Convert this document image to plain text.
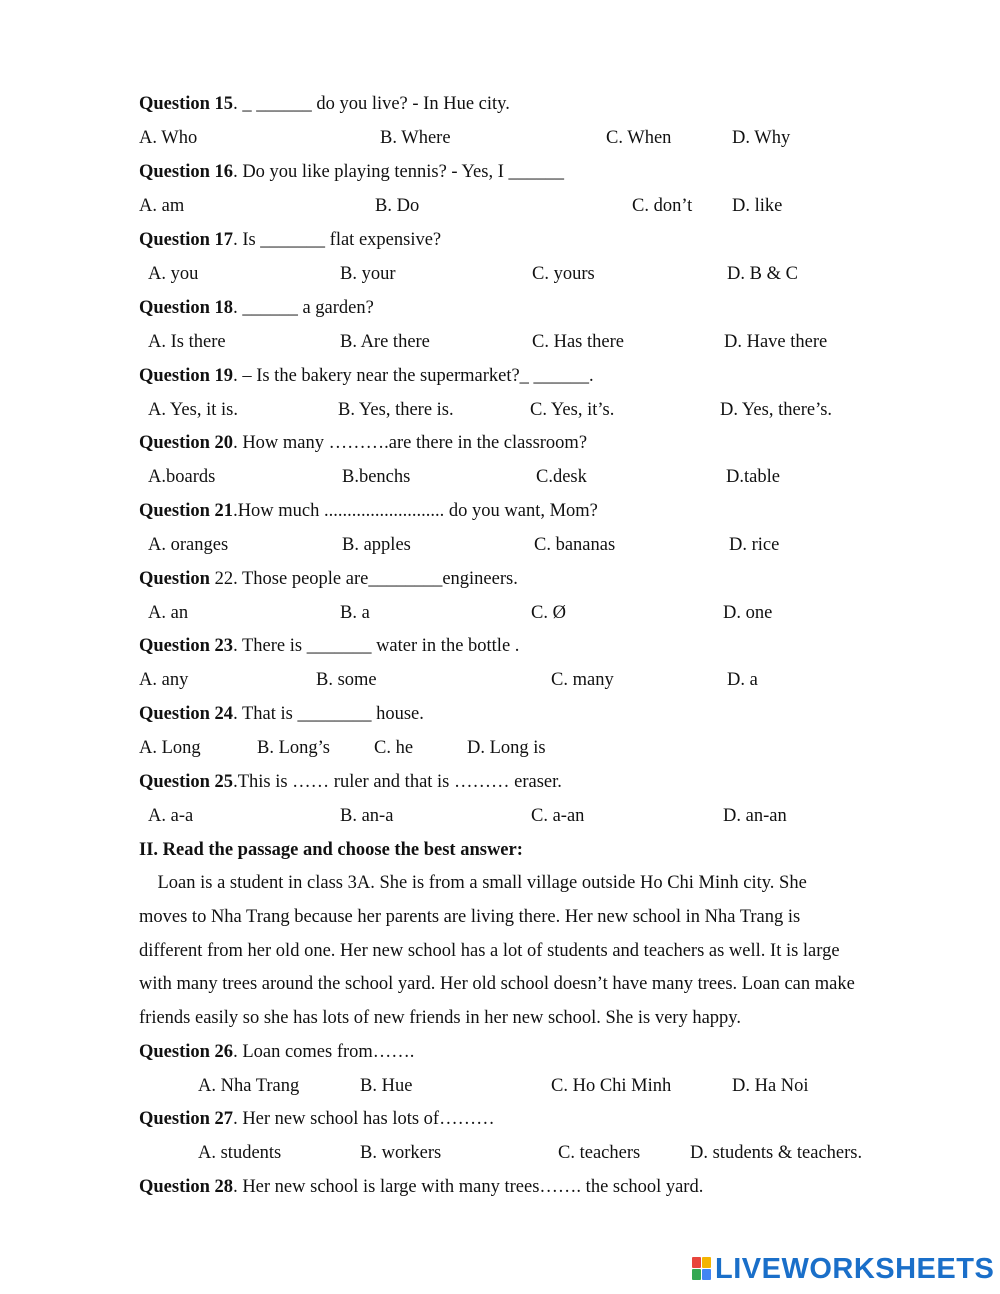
Question 15. _ ______ do you live? - In Hue city.
A. Who	B. Where	C. When	D. Why
Question 16. Do you like playing tennis? - Yes, I ______
A. am	B. Do	C. don’t D. like
Question 17. Is _______ flat expensive?
A. you	B. your	C. yours	D. B & C
Question 18. ______ a garden?
A. Is there	B. Are there	C. Has there	D. Have there
Question 19. – Is the bakery near the supermarket?_ ______.
A. Yes, it is.	B. Yes, there is.	C. Yes, it’s.	D. Yes, there’s.
Question 20. How many ……….are there in the classroom?
A.boards	B.benchs	C.desk	D.table
Question 21.How much .......................... do you want, Mom?
A. oranges	B. apples	C. bananas	D. rice
Question 22. Those people are________engineers.
A. an	B. a	C. Ø	D. one
Question 23. There is _______ water in the bottle .
A. any	B. some	C. many	D. a
Question 24. That is ________ house.
A. Long	B. Long’s C. he	D. Long is
Question 25.This is …… ruler and that is ……… eraser.
A. a-a	B. an-a	C. a-an	D. an-an
II. Read the passage and choose the best answer:
Loan is a student in class 3A. She is from a small village outside Ho Chi Minh city. She
moves to Nha Trang because her parents are living there. Her new school in Nha Trang is
different from her old one. Her new school has a lot of students and teachers as well. It is large
with many trees around the school yard. Her old school doesn’t have many trees. Loan can make
friends easily so she has lots of new friends in her new school. She is very happy.
Question 26. Loan comes from…….
A. Nha Trang	B. Hue	C. Ho Chi Minh	D. Ha Noi
Question 27. Her new school has lots of………
A. students	B. workers	C. teachers	D. students & teachers.
Question 28. Her new school is large with many trees……. the school yard.
LIVEWORKSHEETS
